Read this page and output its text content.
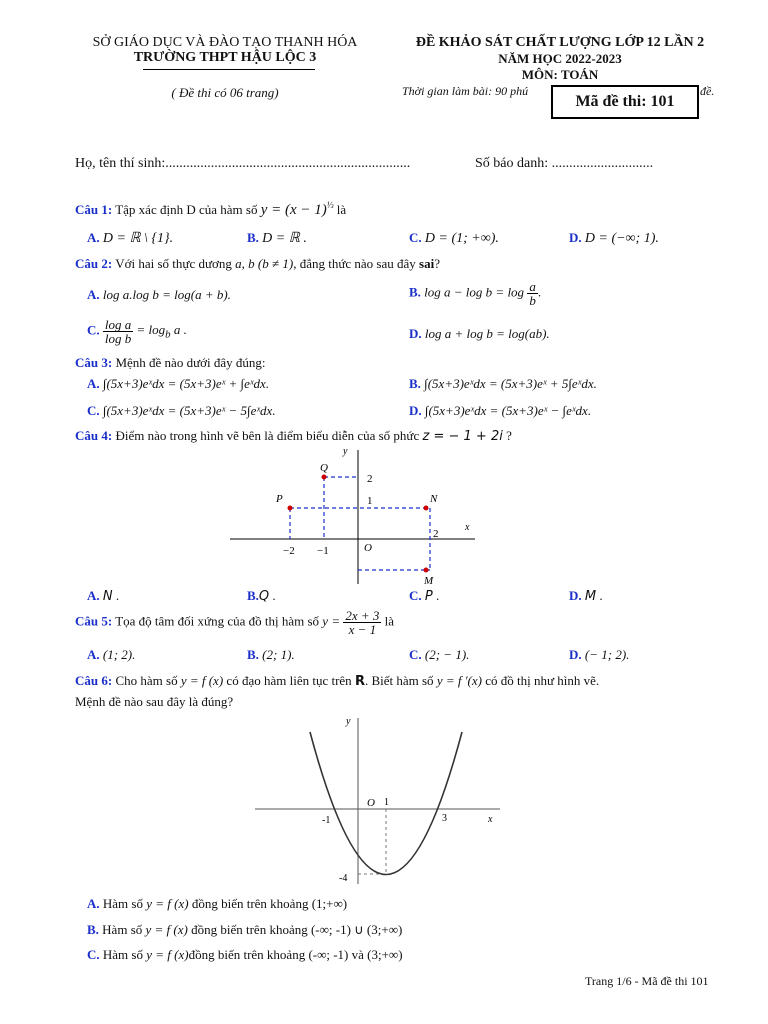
SỞ GIÁO DỤC VÀ ĐÀO TẠO THANH HÓA
TRƯỜNG THPT HẬU LỘC 3
( Đề thi có 06 trang)
ĐỀ KHẢO SÁT CHẤT LƯỢNG LỚP 12 LẦN 2
NĂM HỌC 2022-2023
MÔN: TOÁN
Thời gian làm bài: 90 phú	đề.
Mã đề thi: 101
Họ, tên thí sinh:......................................................................	Số báo danh: .............................
Câu 1: Tập xác định D của hàm số $y = (x - 1)^{\frac{1}{3}}$ là
A. D = ℝ \ {1}.	B. D = ℝ .	C. D = (1; +∞).	D. D = (−∞; 1).
Câu 2: Với hai số thực dương a, b (b ≠ 1), đẳng thức nào sau đây sai?
A. log a.log b = log(a + b).	B. $\log a - \log b = \log \frac{a}{b}$ .
C. $\frac{\text{log a}}{\text{log b}} = \log_b a$ .	D. log a + log b = log(ab).
Câu 3: Mệnh đề nào dưới đây đúng:
A. ∫(5x+3)eˣdx = (5x+3)eˣ + ∫eˣdx.	B. ∫(5x+3)eˣdx = (5x+3)eˣ + 5∫eˣdx.
C. ∫(5x+3)eˣdx = (5x+3)eˣ − 5∫eˣdx.	D. ∫(5x+3)eˣdx = (5x+3)eˣ − ∫eˣdx.
Câu 4: Điểm nào trong hình vẽ bên là điểm biểu diễn của số phức z = − 1 + 2i ?
x
y
O
−2 −1
2
2
1
Q
P	N
M
A. N .	B.Q .	C. P .	D. M .
Câu 5: Tọa độ tâm đối xứng của đồ thị hàm số $y = \frac{2x + 3}{x - 1}$ là
A. (1; 2).	B. (2; 1).	C. (2; − 1).	D. (− 1; 2).
Câu 6: Cho hàm số y = f (x) có đạo hàm liên tục trên R. Biết hàm số y = f ′(x) có đồ thị như hình vẽ.
Mệnh đề nào sau đây là đúng?
x
y
O
-1
1
3
-4
A. Hàm số y = f (x) đồng biến trên khoảng (1;+∞)
B. Hàm số y = f (x) đồng biến trên khoảng (-∞; -1) ∪ (3;+∞)
C. Hàm số y = f (x)đồng biến trên khoảng (-∞; -1) và (3;+∞)
Trang 1/6 - Mã đề thi 101
